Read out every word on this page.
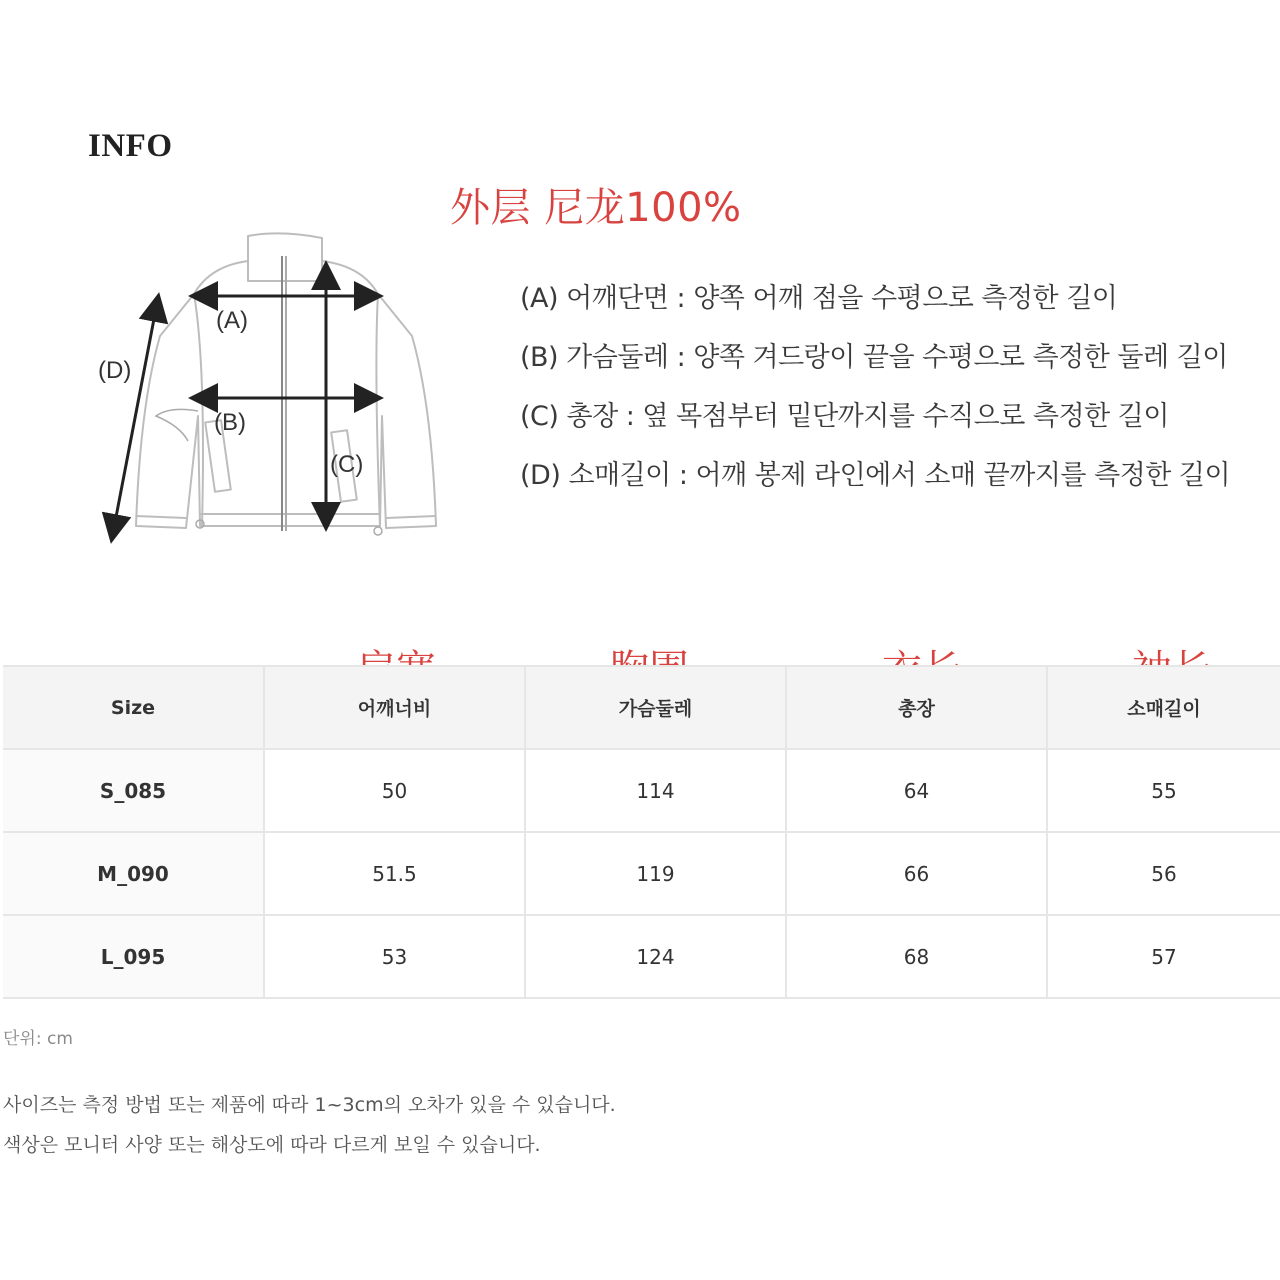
INFO
外层 尼龙100%
(A)
(B)
(C)
(D)
(A) 어깨단면 : 양쪽 어깨 점을 수평으로 측정한 길이
(B) 가슴둘레 : 양쪽 겨드랑이 끝을 수평으로 측정한 둘레 길이
(C) 총장 : 옆 목점부터 밑단까지를 수직으로 측정한 길이
(D) 소매길이 : 어깨 봉제 라인에서 소매 끝까지를 측정한 길이
Size	어깨너비	가슴둘레	총장	소매길이
S_085	50	114	64	55
M_090	51.5	119	66	56
L_095	53	124	68	57
단위: cm
사이즈는 측정 방법 또는 제품에 따라 1~3cm의 오차가 있을 수 있습니다.
색상은 모니터 사양 또는 해상도에 따라 다르게 보일 수 있습니다.
